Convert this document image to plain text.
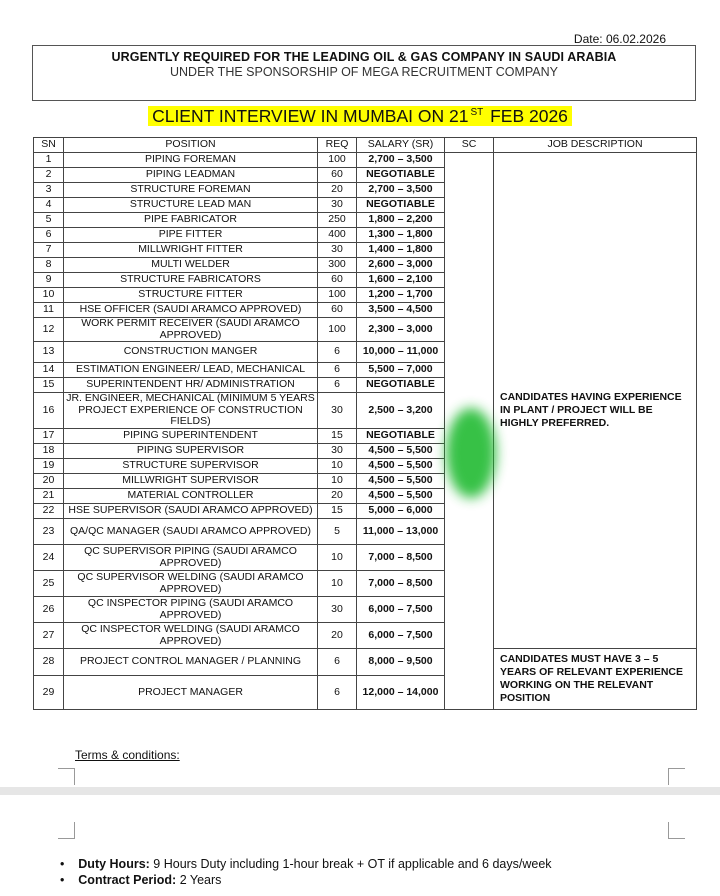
Date: 06.02.2026
URGENTLY REQUIRED FOR THE LEADING OIL & GAS COMPANY IN SAUDI ARABIA
UNDER THE SPONSORSHIP OF MEGA RECRUITMENT COMPANY
CLIENT INTERVIEW IN MUMBAI ON 21 $^{ST}$ FEB 2026
SN	POSITION	REQ	SALARY (SR)	SC	JOB DESCRIPTION
1	PIPING FOREMAN	100	2,700 – 3,500		CANDIDATES HAVING EXPERIENCE IN PLANT / PROJECT WILL BE HIGHLY PREFERRED.

2	PIPING LEADMAN	60	NEGOTIABLE		
3	STRUCTURE FOREMAN	20	2,700 – 3,500		
4	STRUCTURE LEAD MAN	30	NEGOTIABLE		
5	PIPE FABRICATOR	250	1,800 – 2,200		
6	PIPE FITTER	400	1,300 – 1,800		
7	MILLWRIGHT FITTER	30	1,400 – 1,800		
8	MULTI WELDER	300	2,600 – 3,000		
9	STRUCTURE FABRICATORS	60	1,600 – 2,100		
10	STRUCTURE FITTER	100	1,200 – 1,700		
11	HSE OFFICER (SAUDI ARAMCO APPROVED)	60	3,500 – 4,500		
12	WORK PERMIT RECEIVER (SAUDI ARAMCO APPROVED)	100	2,300 – 3,000		
13	CONSTRUCTION MANGER	6	10,000 – 11,000		
14	ESTIMATION ENGINEER/ LEAD, MECHANICAL	6	5,500 – 7,000		
15	SUPERINTENDENT HR/ ADMINISTRATION	6	NEGOTIABLE		
16	JR. ENGINEER, MECHANICAL (MINIMUM 5 YEARS PROJECT EXPERIENCE OF CONSTRUCTION FIELDS)	30	2,500 – 3,200		
17	PIPING SUPERINTENDENT	15	NEGOTIABLE		
18	PIPING SUPERVISOR	30	4,500 – 5,500		
19	STRUCTURE SUPERVISOR	10	4,500 – 5,500		
20	MILLWRIGHT SUPERVISOR	10	4,500 – 5,500		
21	MATERIAL CONTROLLER	20	4,500 – 5,500		
22	HSE SUPERVISOR (SAUDI ARAMCO APPROVED)	15	5,000 – 6,000		
23	QA/QC MANAGER (SAUDI ARAMCO APPROVED)	5	11,000 – 13,000		
24	QC SUPERVISOR PIPING (SAUDI ARAMCO APPROVED)	10	7,000 – 8,500		
25	QC SUPERVISOR WELDING (SAUDI ARAMCO APPROVED)	10	7,000 – 8,500		
26	QC INSPECTOR PIPING (SAUDI ARAMCO APPROVED)	30	6,000 – 7,500		
27	QC INSPECTOR WELDING (SAUDI ARAMCO APPROVED)	20	6,000 – 7,500		
28	PROJECT CONTROL MANAGER / PLANNING	6	8,000 – 9,500		CANDIDATES MUST HAVE 3 – 5 YEARS OF RELEVANT EXPERIENCE WORKING ON THE RELEVANT POSITION

29	PROJECT MANAGER	6	12,000 – 14,000		
Terms & conditions:
•    Duty Hours: 9 Hours Duty including 1-hour break + OT if applicable and 6 days/week
•    Contract Period: 2 Years
